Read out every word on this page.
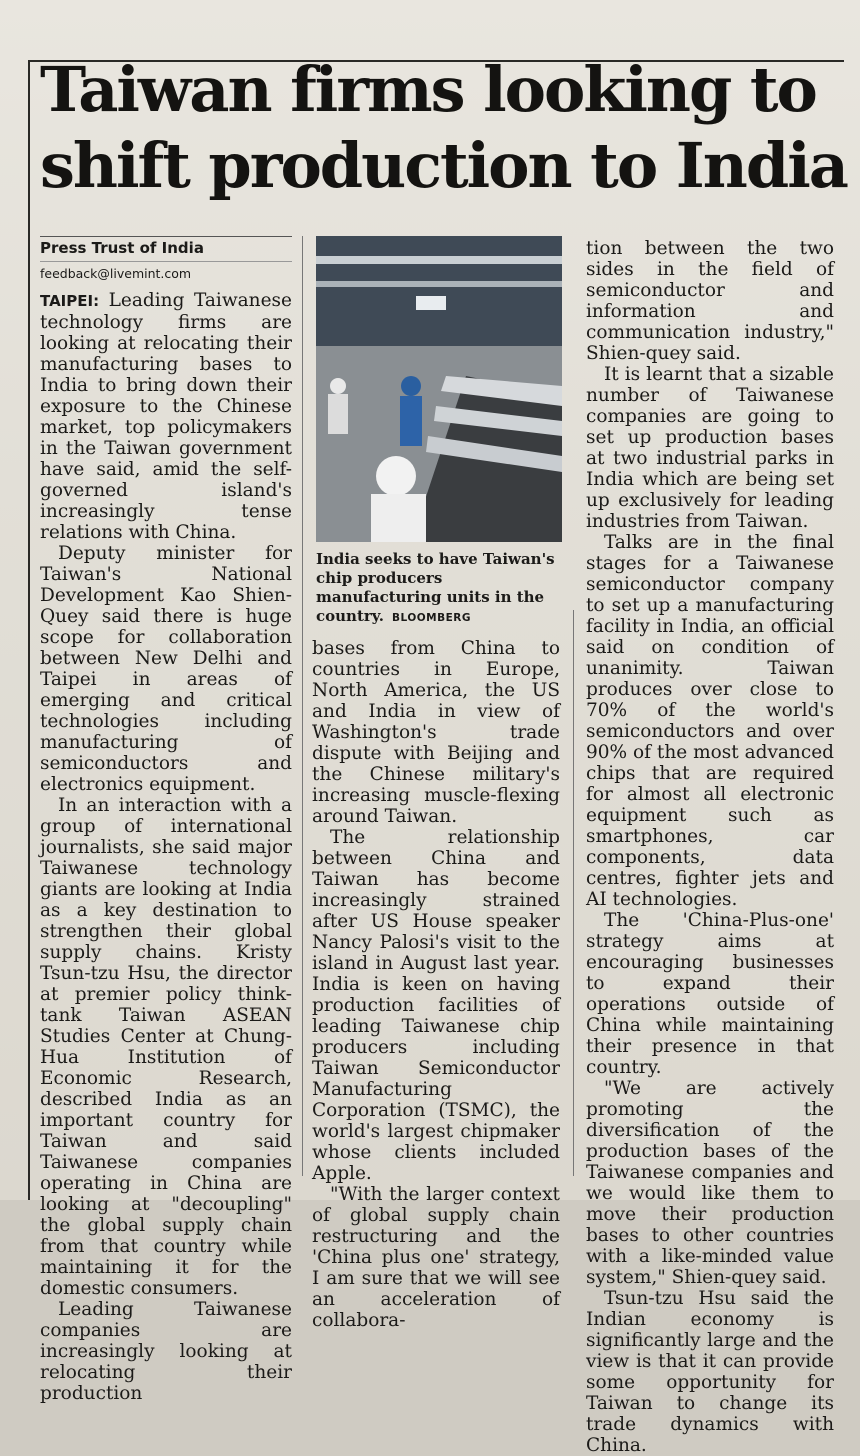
Taiwan firms looking to
shift production to India
Press Trust of India
feedback@livemint.com

TAIPEI: Leading Taiwanese technology firms are looking at relocating their manufacturing bases to India to bring down their exposure to the Chinese market, top policymakers in the Taiwan government have said, amid the self-governed island's increasingly tense relations with China.

Deputy minister for Taiwan's National Development Kao Shien-Quey said there is huge scope for collaboration between New Delhi and Taipei in areas of emerging and critical technologies including manufacturing of semiconductors and electronics equipment.

In an interaction with a group of international journalists, she said major Taiwanese technology giants are looking at India as a key destination to strengthen their global supply chains. Kristy Tsun-tzu Hsu, the director at premier policy think-tank Taiwan ASEAN Studies Center at Chung-Hua Institution of Economic Research, described India as an important country for Taiwan and said Taiwanese companies operating in China are looking at "decoupling" the global supply chain from that country while maintaining it for the domestic consumers.

Leading Taiwanese companies are increasingly looking at relocating their production

India seeks to have Taiwan's chip producers manufacturing units in the country. BLOOMBERG

bases from China to countries in Europe, North America, the US and India in view of Washington's trade dispute with Beijing and the Chinese military's increasing muscle-flexing around Taiwan.

The relationship between China and Taiwan has become increasingly strained after US House speaker Nancy Palosi's visit to the island in August last year. India is keen on having production facilities of leading Taiwanese chip producers including Taiwan Semiconductor Manufacturing Corporation (TSMC), the world's largest chipmaker whose clients included Apple.

"With the larger context of global supply chain restructuring and the 'China plus one' strategy, I am sure that we will see an acceleration of collabora-

tion between the two sides in the field of semiconductor and information and communication industry," Shien-quey said.

It is learnt that a sizable number of Taiwanese companies are going to set up production bases at two industrial parks in India which are being set up exclusively for leading industries from Taiwan.

Talks are in the final stages for a Taiwanese semiconductor company to set up a manufacturing facility in India, an official said on condition of unanimity. Taiwan produces over close to 70% of the world's semiconductors and over 90% of the most advanced chips that are required for almost all electronic equipment such as smartphones, car components, data centres, fighter jets and AI technologies.

The 'China-Plus-one' strategy aims at encouraging businesses to expand their operations outside of China while maintaining their presence in that country.

"We are actively promoting the diversification of the production bases of the Taiwanese companies and we would like them to move their production bases to other countries with a like-minded value system," Shien-quey said.

Tsun-tzu Hsu said the Indian economy is significantly large and the view is that it can provide some opportunity for Taiwan to change its trade dynamics with China.
